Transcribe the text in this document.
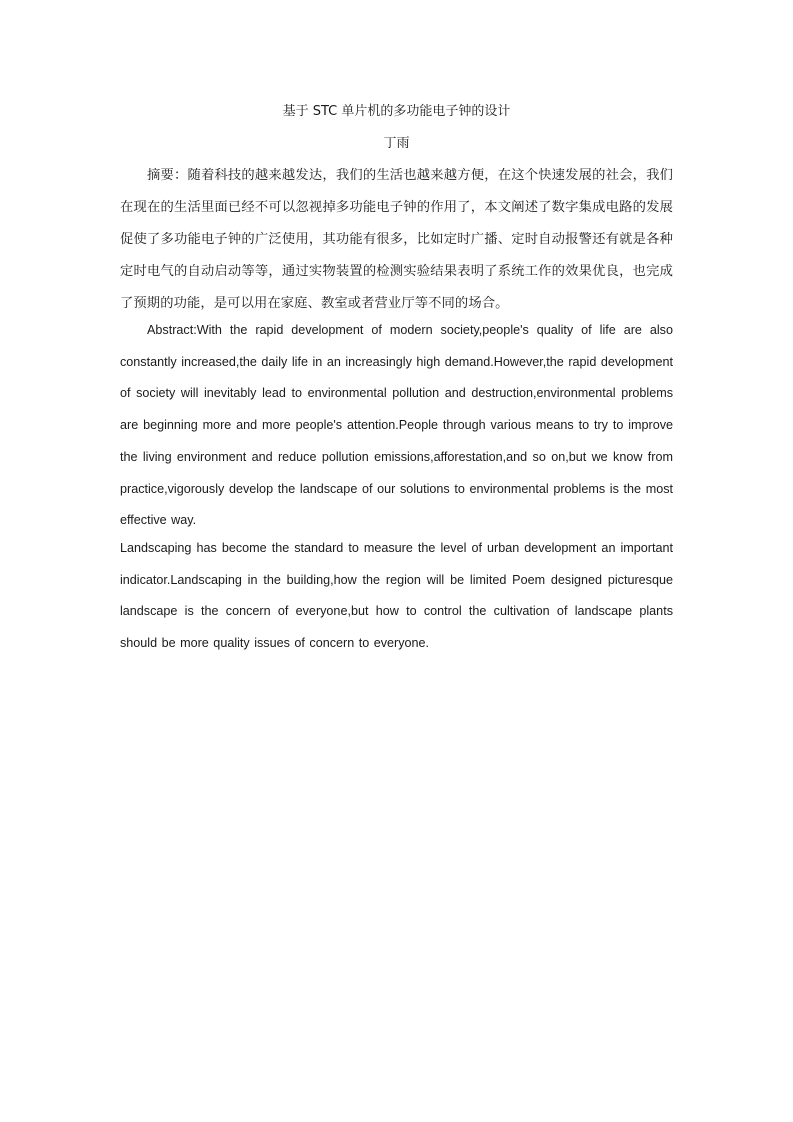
基于 STC 单片机的多功能电子钟的设计

丁雨

摘要：随着科技的越来越发达，我们的生活也越来越方便，在这个快速发展的社会，我们在现在的生活里面已经不可以忽视掉多功能电子钟的作用了，本文阐述了数字集成电路的发展促使了多功能电子钟的广泛使用，其功能有很多，比如定时广播、定时自动报警还有就是各种定时电气的自动启动等等，通过实物装置的检测实验结果表明了系统工作的效果优良，也完成了预期的功能，是可以用在家庭、教室或者营业厅等不同的场合。

Abstract:With the rapid development of modern society,people's quality of life are also constantly increased,the daily life in an increasingly high demand.However,the rapid development of society will inevitably lead to environmental pollution and destruction,environmental problems are beginning more and more people's attention.People through various means to try to improve the living environment and reduce pollution emissions,afforestation,and so on,but we know from practice,vigorously develop the landscape of our solutions to environmental problems is the most effective way.

Landscaping has become the standard to measure the level of urban development an important indicator.Landscaping in the building,how the region will be limited Poem designed picturesque landscape is the concern of everyone,but how to control the cultivation of landscape plants should be more quality issues of concern to everyone.
